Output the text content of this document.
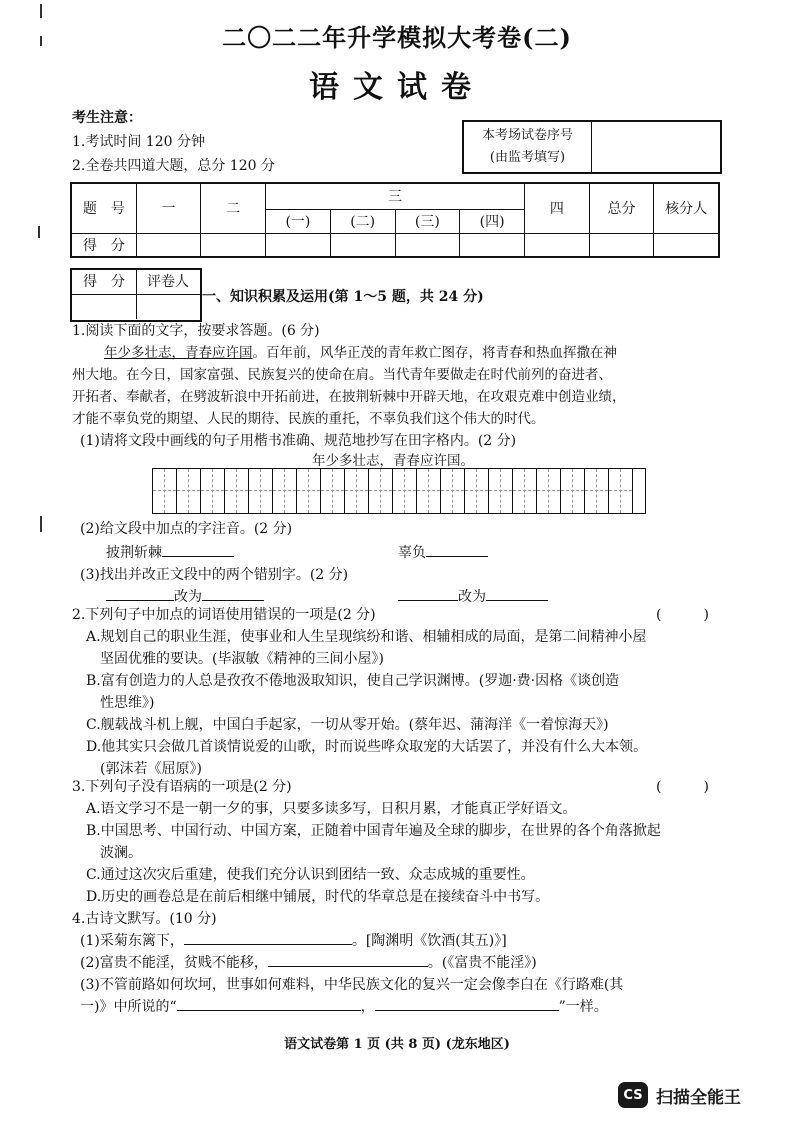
二〇二二年升学模拟大考卷(二)
语文试卷
考生注意：
1.考试时间 120 分钟
2.全卷共四道大题，总分 120 分
本考场试卷序号
(由监考填写)
题　号	一	二	三				四	总分	核分人
			(一)	(二)	(三)	(四)			
得　分									
得　分	评卷人
一、知识积累及运用(第 1～5 题，共 24 分)
1.阅读下面的文字，按要求答题。(6 分)
年少多壮志，青春应许国。百年前，风华正茂的青年救亡图存，将青春和热血挥撒在神
州大地。在今日，国家富强、民族复兴的使命在肩。当代青年要做走在时代前列的奋进者、
开拓者、奉献者，在劈波斩浪中开拓前进，在披荆斩棘中开辟天地，在攻艰克难中创造业绩，
才能不辜负党的期望、人民的期待、民族的重托，不辜负我们这个伟大的时代。
(1)请将文段中画线的句子用楷书准确、规范地抄写在田字格内。(2 分)
年少多壮志，青春应许国。
(2)给文段中加点的字注音。(2 分)
披荆斩棘	辜负
(3)找出并改正文段中的两个错别字。(2 分)
改为	改为
2.下列句子中加点的词语使用错误的一项是(2 分)	(　　　)
A.规划自己的职业生涯，使事业和人生呈现缤纷和谐、相辅相成的局面，是第二间精神小屋
坚固优雅的要诀。(毕淑敏《精神的三间小屋》)
B.富有创造力的人总是孜孜不倦地汲取知识，使自己学识渊博。(罗迦·费·因格《谈创造
性思维》)
C.舰载战斗机上舰，中国白手起家，一切从零开始。(蔡年迟、蒲海洋《一着惊海天》)
D.他其实只会做几首谈情说爱的山歌，时而说些哗众取宠的大话罢了，并没有什么大本领。
(郭沫若《屈原》)
3.下列句子没有语病的一项是(2 分)	(　　　)
A.语文学习不是一朝一夕的事，只要多读多写，日积月累，才能真正学好语文。
B.中国思考、中国行动、中国方案，正随着中国青年遍及全球的脚步，在世界的各个角落掀起
波澜。
C.通过这次灾后重建，使我们充分认识到团结一致、众志成城的重要性。
D.历史的画卷总是在前后相继中铺展，时代的华章总是在接续奋斗中书写。
4.古诗文默写。(10 分)
(1)采菊东篱下，	。[陶渊明《饮酒(其五)》]
(2)富贵不能淫，贫贱不能移，	。(《富贵不能淫》)
(3)不管前路如何坎坷，世事如何难料，中华民族文化的复兴一定会像李白在《行路难(其
一)》中所说的“	，	”一样。
语文试卷第 1 页 (共 8 页) (龙东地区)
CS 扫描全能王
